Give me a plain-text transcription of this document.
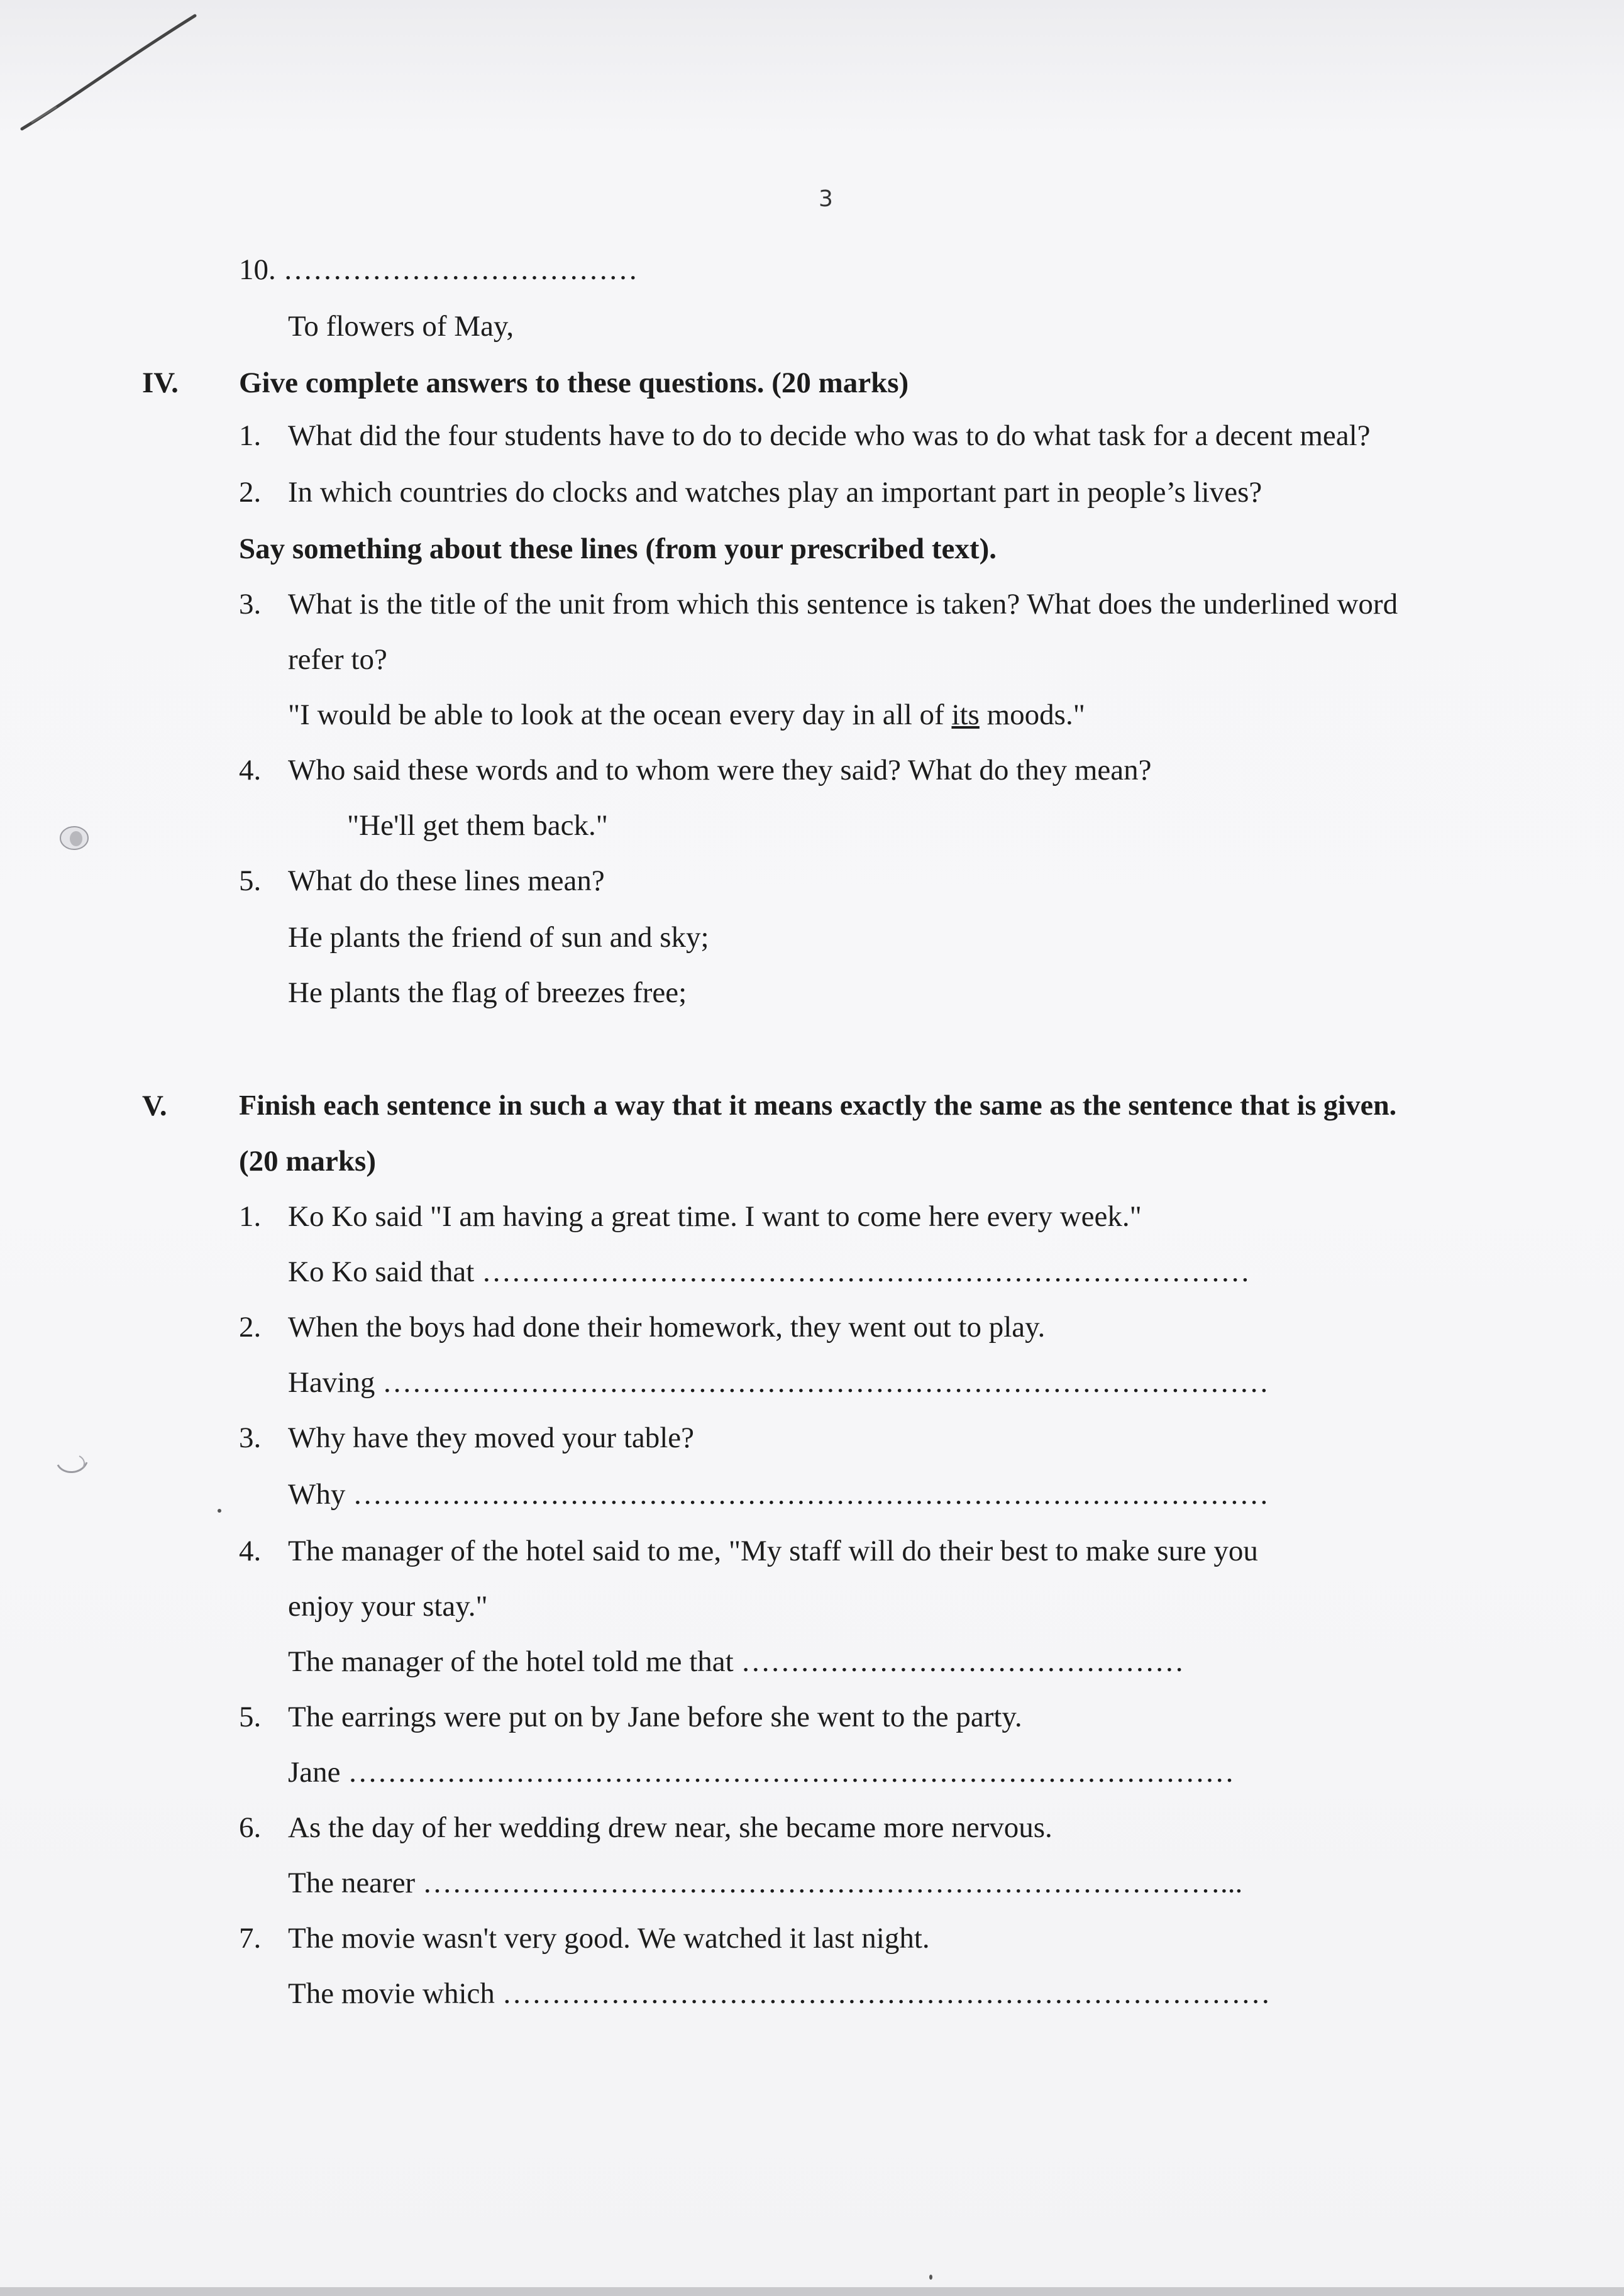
3
10. ………………………………
To flowers of May,
IV. Give complete answers to these questions. (20 marks)
1. What did the four students have to do to decide who was to do what task for a decent meal?
2. In which countries do clocks and watches play an important part in people’s lives?
Say something about these lines (from your prescribed text).
3. What is the title of the unit from which this sentence is taken? What does the underlined word
refer to?
"I would be able to look at the ocean every day in all of its moods."
4. Who said these words and to whom were they said? What do they mean?
"He'll get them back."
5. What do these lines mean?
He plants the friend of sun and sky;
He plants the flag of breezes free;
V. Finish each sentence in such a way that it means exactly the same as the sentence that is given.
(20 marks)
1. Ko Ko said "I am having a great time. I want to come here every week."
Ko Ko said that ……………………………………………………………………
2. When the boys had done their homework, they went out to play.
Having ………………………………………………………………………………
3. Why have they moved your table?
Why …………………………………………………………………………………
4. The manager of the hotel said to me, "My staff will do their best to make sure you
enjoy your stay."
The manager of the hotel told me that ………………………………………
5. The earrings were put on by Jane before she went to the party.
Jane ………………………………………………………………………………
6. As the day of her wedding drew near, she became more nervous.
The nearer ………………………………………………………………………...
7. The movie wasn't very good. We watched it last night.
The movie which ……………………………………………………………………
